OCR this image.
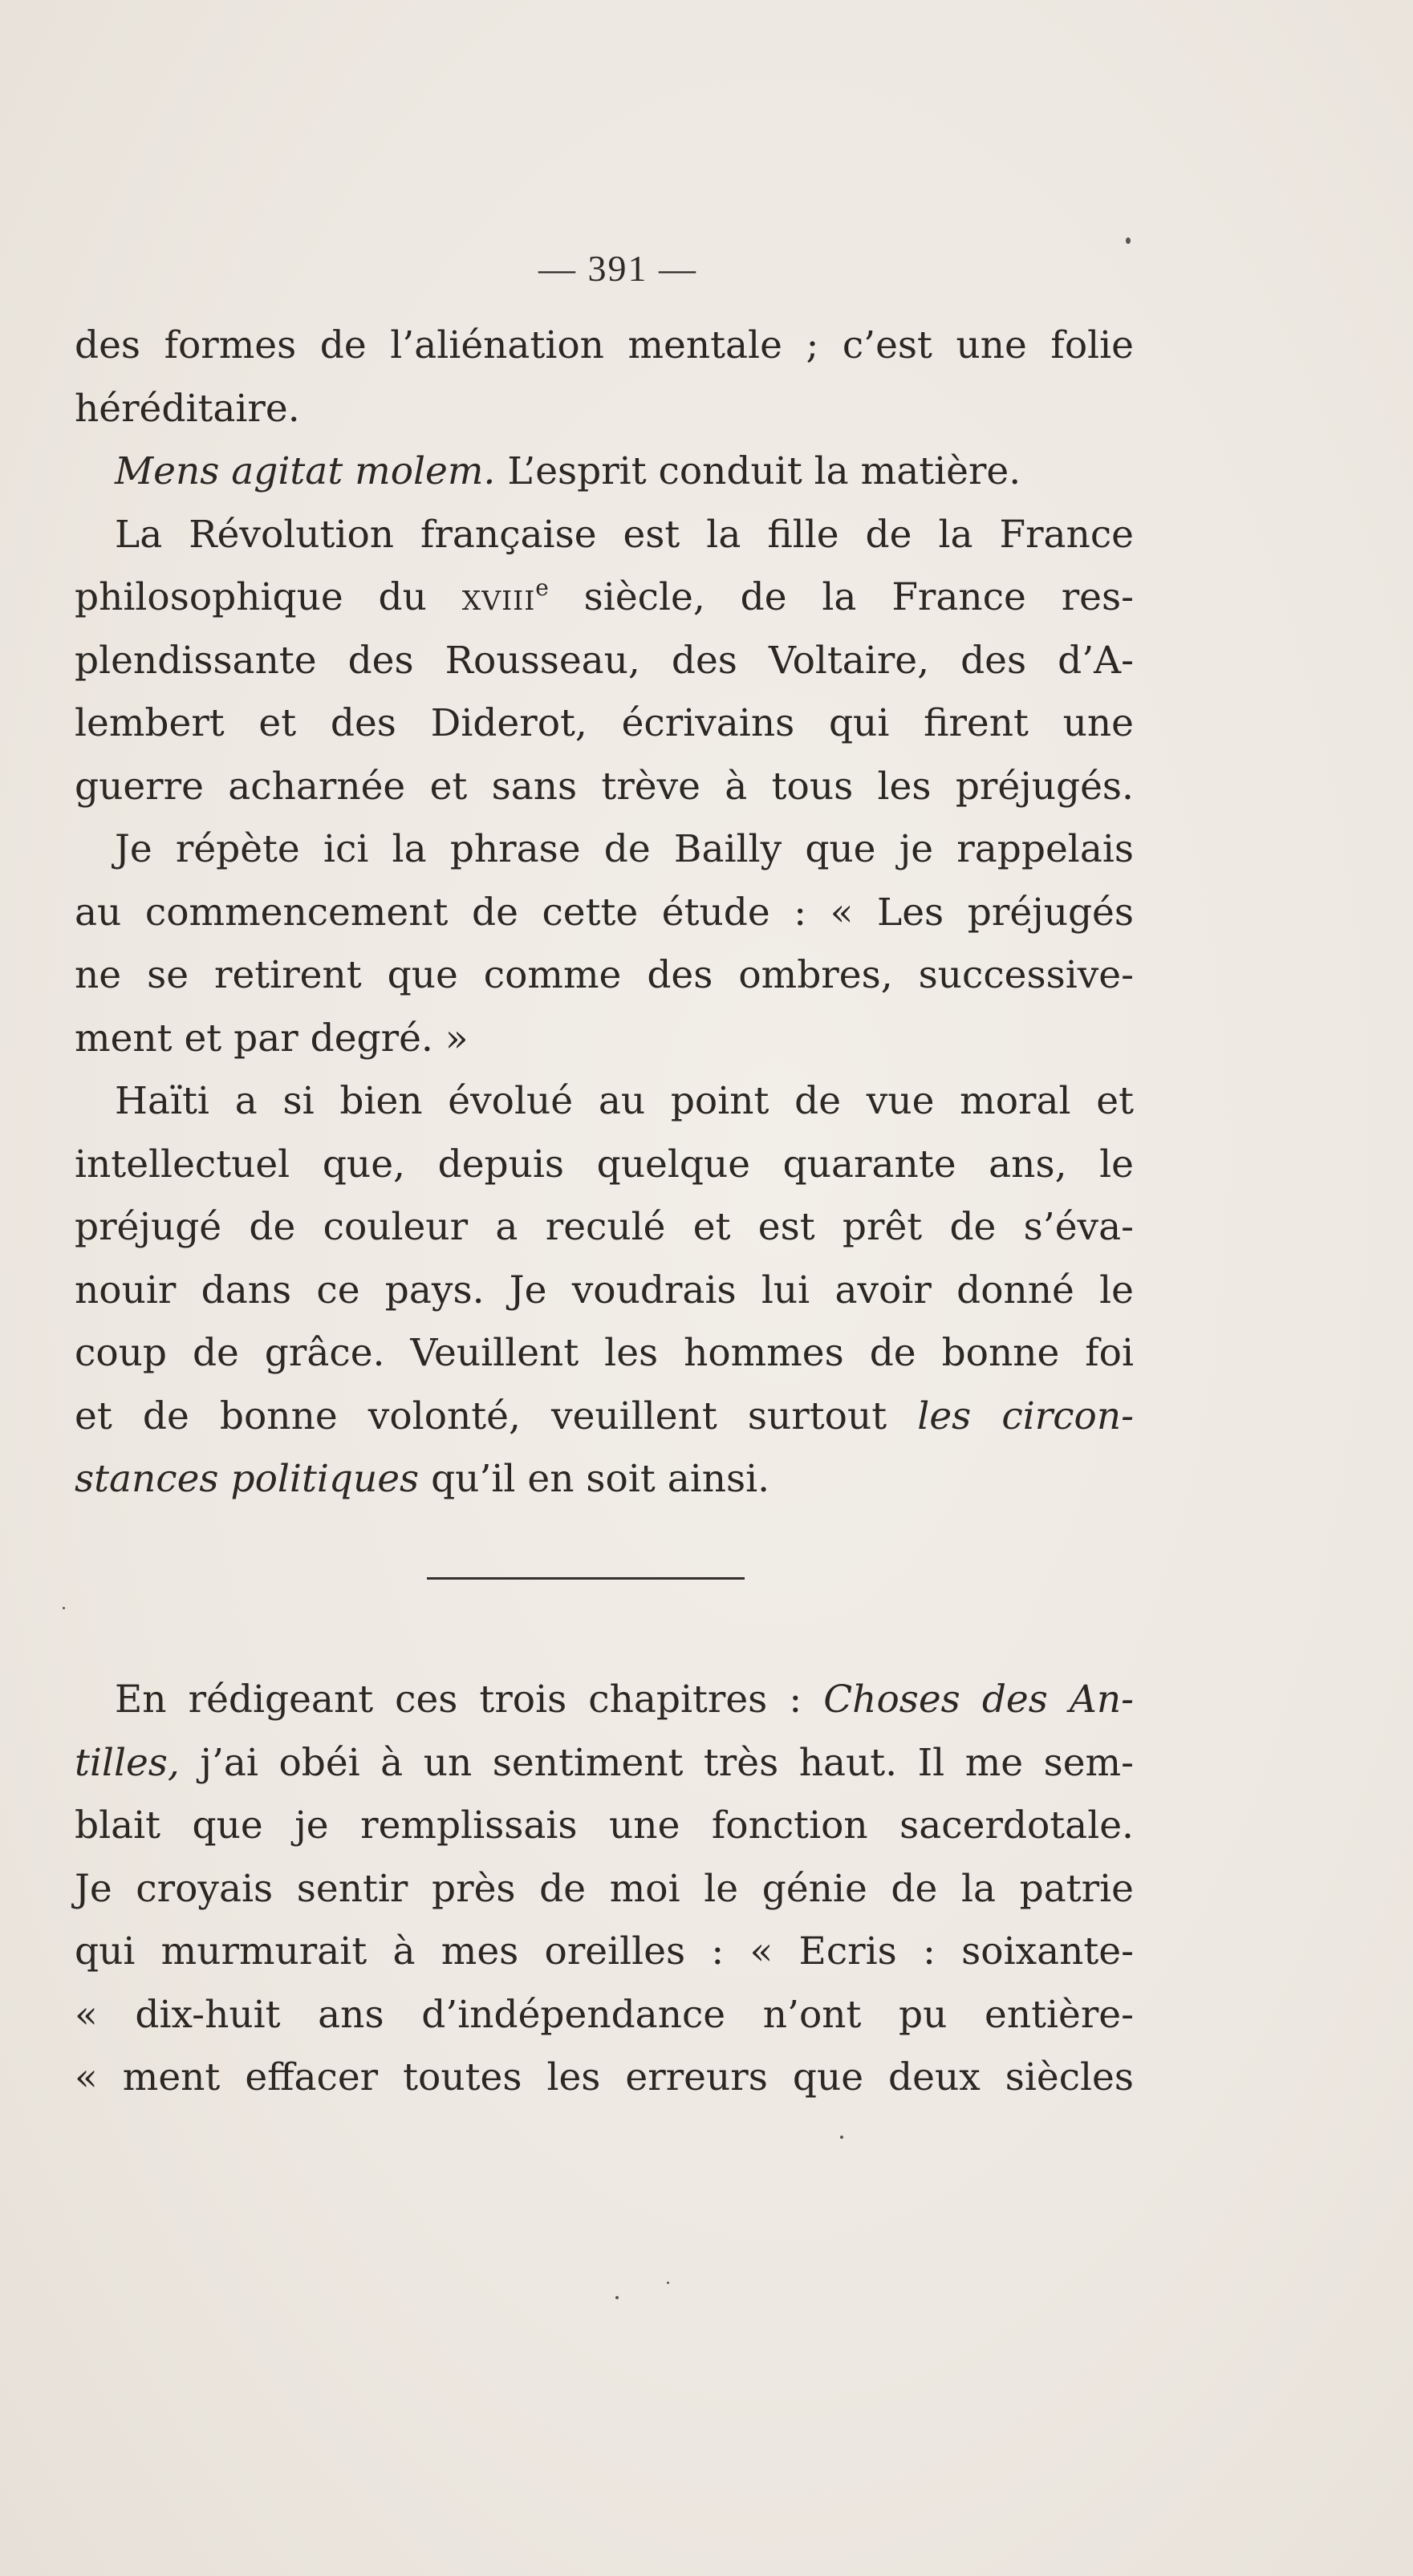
— 391 —
des formes de l’aliénation mentale ; c’est une folie
héréditaire.
Mens agitat molem. L’esprit conduit la matière.
La Révolution française est la fille de la France
philosophique du xviii$^e$ siècle, de la France res-
plendissante des Rousseau, des Voltaire, des d’A-
lembert et des Diderot, écrivains qui firent une
guerre acharnée et sans trève à tous les préjugés.
Je répète ici la phrase de Bailly que je rappelais
au commencement de cette étude : « Les préjugés
ne se retirent que comme des ombres, successive-
ment et par degré. »
Haïti a si bien évolué au point de vue moral et
intellectuel que, depuis quelque quarante ans, le
préjugé de couleur a reculé et est prêt de s’éva-
nouir dans ce pays. Je voudrais lui avoir donné le
coup de grâce. Veuillent les hommes de bonne foi
et de bonne volonté, veuillent surtout les circon-
stances politiques qu’il en soit ainsi.
En rédigeant ces trois chapitres : Choses des An-
tilles, j’ai obéi à un sentiment très haut. Il me sem-
blait que je remplissais une fonction sacerdotale.
Je croyais sentir près de moi le génie de la patrie
qui murmurait à mes oreilles : « Ecris : soixante-
« dix-huit ans d’indépendance n’ont pu entière-
« ment effacer toutes les erreurs que deux siècles
